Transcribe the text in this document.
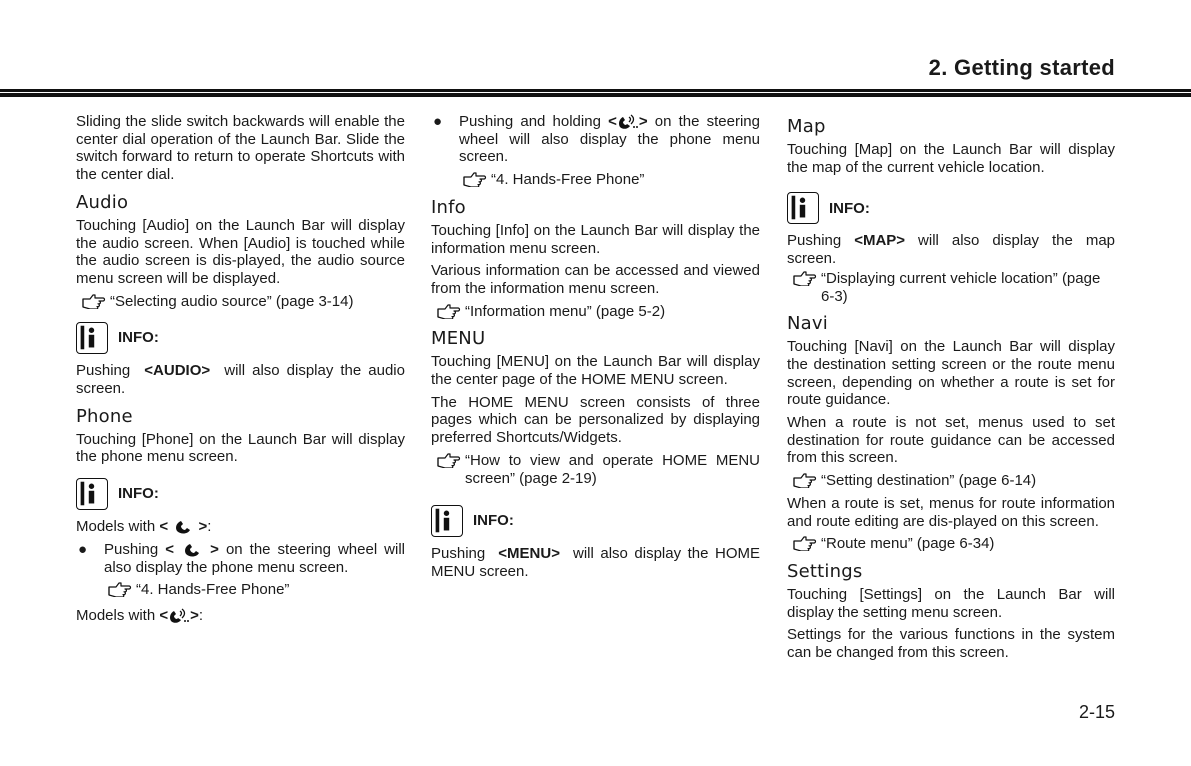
2. Getting started

Sliding the slide switch backwards will enable the center dial operation of the Launch Bar. Slide the switch forward to return to operate Shortcuts with the center dial.

Audio

Touching [Audio] on the Launch Bar will display the audio screen. When [Audio] is touched while the audio screen is dis-played, the audio source menu screen will be displayed.

“Selecting audio source” (page 3-14)
INFO:

Pushing <AUDIO> will also display the audio screen.

Phone

Touching [Phone] on the Launch Bar will display the phone menu screen.

INFO:

Models with < >:

●	Pushing < > on the steering wheel will also display the phone menu screen.
“4. Hands-Free Phone”

Models with < >:

●	Pushing and holding < > on the steering wheel will also display the phone menu screen.
“4. Hands-Free Phone”
Info

Touching [Info] on the Launch Bar will display the information menu screen.

Various information can be accessed and viewed from the information menu screen.

“Information menu” (page 5-2)
MENU

Touching [MENU] on the Launch Bar will display the center page of the HOME MENU screen.

The HOME MENU screen consists of three pages which can be personalized by displaying preferred Shortcuts/Widgets.

“How to view and operate HOME MENU screen” (page 2-19)
INFO:

Pushing <MENU> will also display the HOME MENU screen.

Map

Touching [Map] on the Launch Bar will display the map of the current vehicle location.

INFO:

Pushing <MAP> will also display the map screen.

“Displaying current vehicle location” (page 6-3)
Navi

Touching [Navi] on the Launch Bar will display the destination setting screen or the route menu screen, depending on whether a route is set for route guidance.

When a route is not set, menus used to set destination for route guidance can be accessed from this screen.

“Setting destination” (page 6-14)

When a route is set, menus for route information and route editing are dis-played on this screen.

“Route menu” (page 6-34)
Settings

Touching [Settings] on the Launch Bar will display the setting menu screen.

Settings for the various functions in the system can be changed from this screen.

2-15
